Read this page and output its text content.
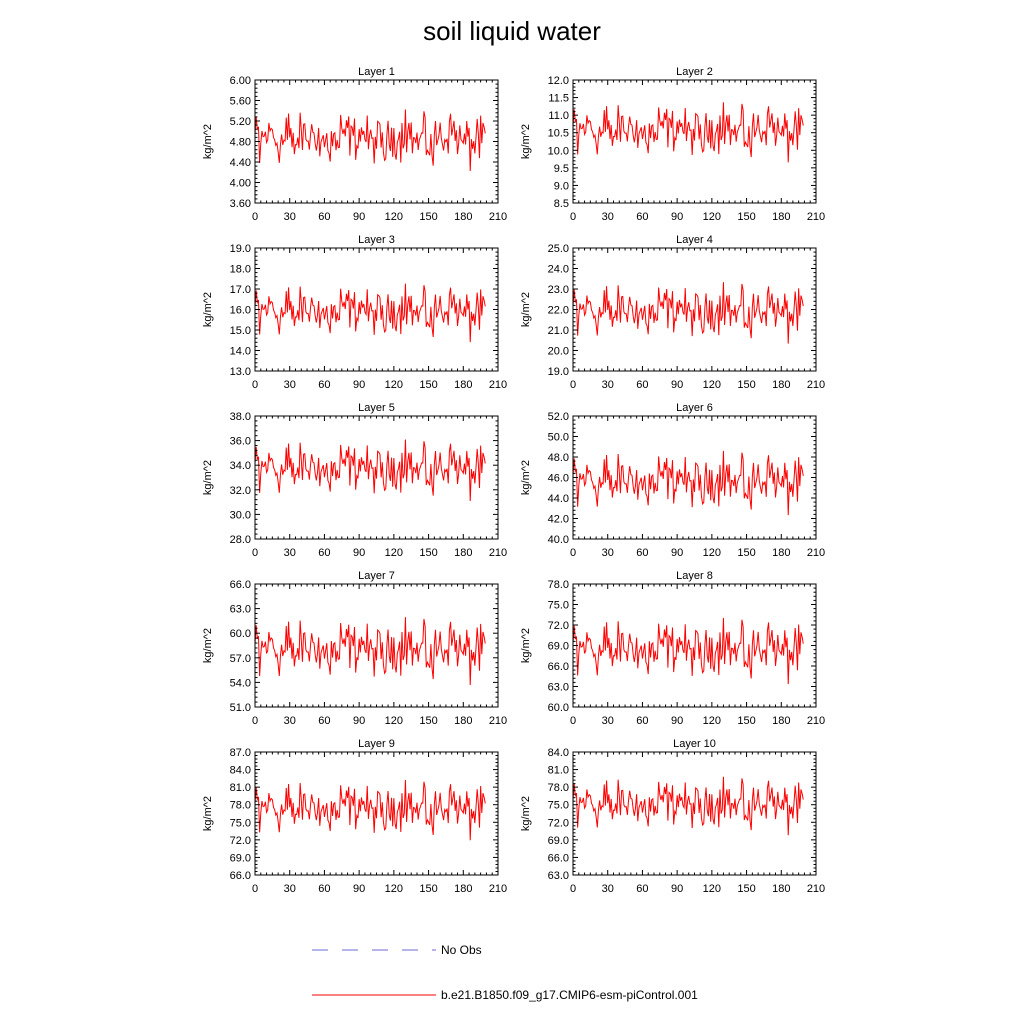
soil liquid water
Layer 1
kg/m^2
0 30 60 90 120 150 180 210
3.60
4.00
4.40
4.80
5.20
5.60
6.00
Layer 2
kg/m^2
0 30 60 90 120 150 180 210
8.5
9.0
9.5
10.0
10.5
11.0
11.5
12.0
Layer 3
kg/m^2
0 30 60 90 120 150 180 210
13.0
14.0
15.0
16.0
17.0
18.0
19.0
Layer 4
kg/m^2
0 30 60 90 120 150 180 210
19.0
20.0
21.0
22.0
23.0
24.0
25.0
Layer 5
kg/m^2
0 30 60 90 120 150 180 210
28.0
30.0
32.0
34.0
36.0
38.0
Layer 6
kg/m^2
0 30 60 90 120 150 180 210
40.0
42.0
44.0
46.0
48.0
50.0
52.0
Layer 7
kg/m^2
0 30 60 90 120 150 180 210
51.0
54.0
57.0
60.0
63.0
66.0
Layer 8
kg/m^2
0 30 60 90 120 150 180 210
60.0
63.0
66.0
69.0
72.0
75.0
78.0
Layer 9
kg/m^2
0 30 60 90 120 150 180 210
66.0
69.0
72.0
75.0
78.0
81.0
84.0
87.0
Layer 10
kg/m^2
0 30 60 90 120 150 180 210
63.0
66.0
69.0
72.0
75.0
78.0
81.0
84.0
No Obs
b.e21.B1850.f09_g17.CMIP6-esm-piControl.001
